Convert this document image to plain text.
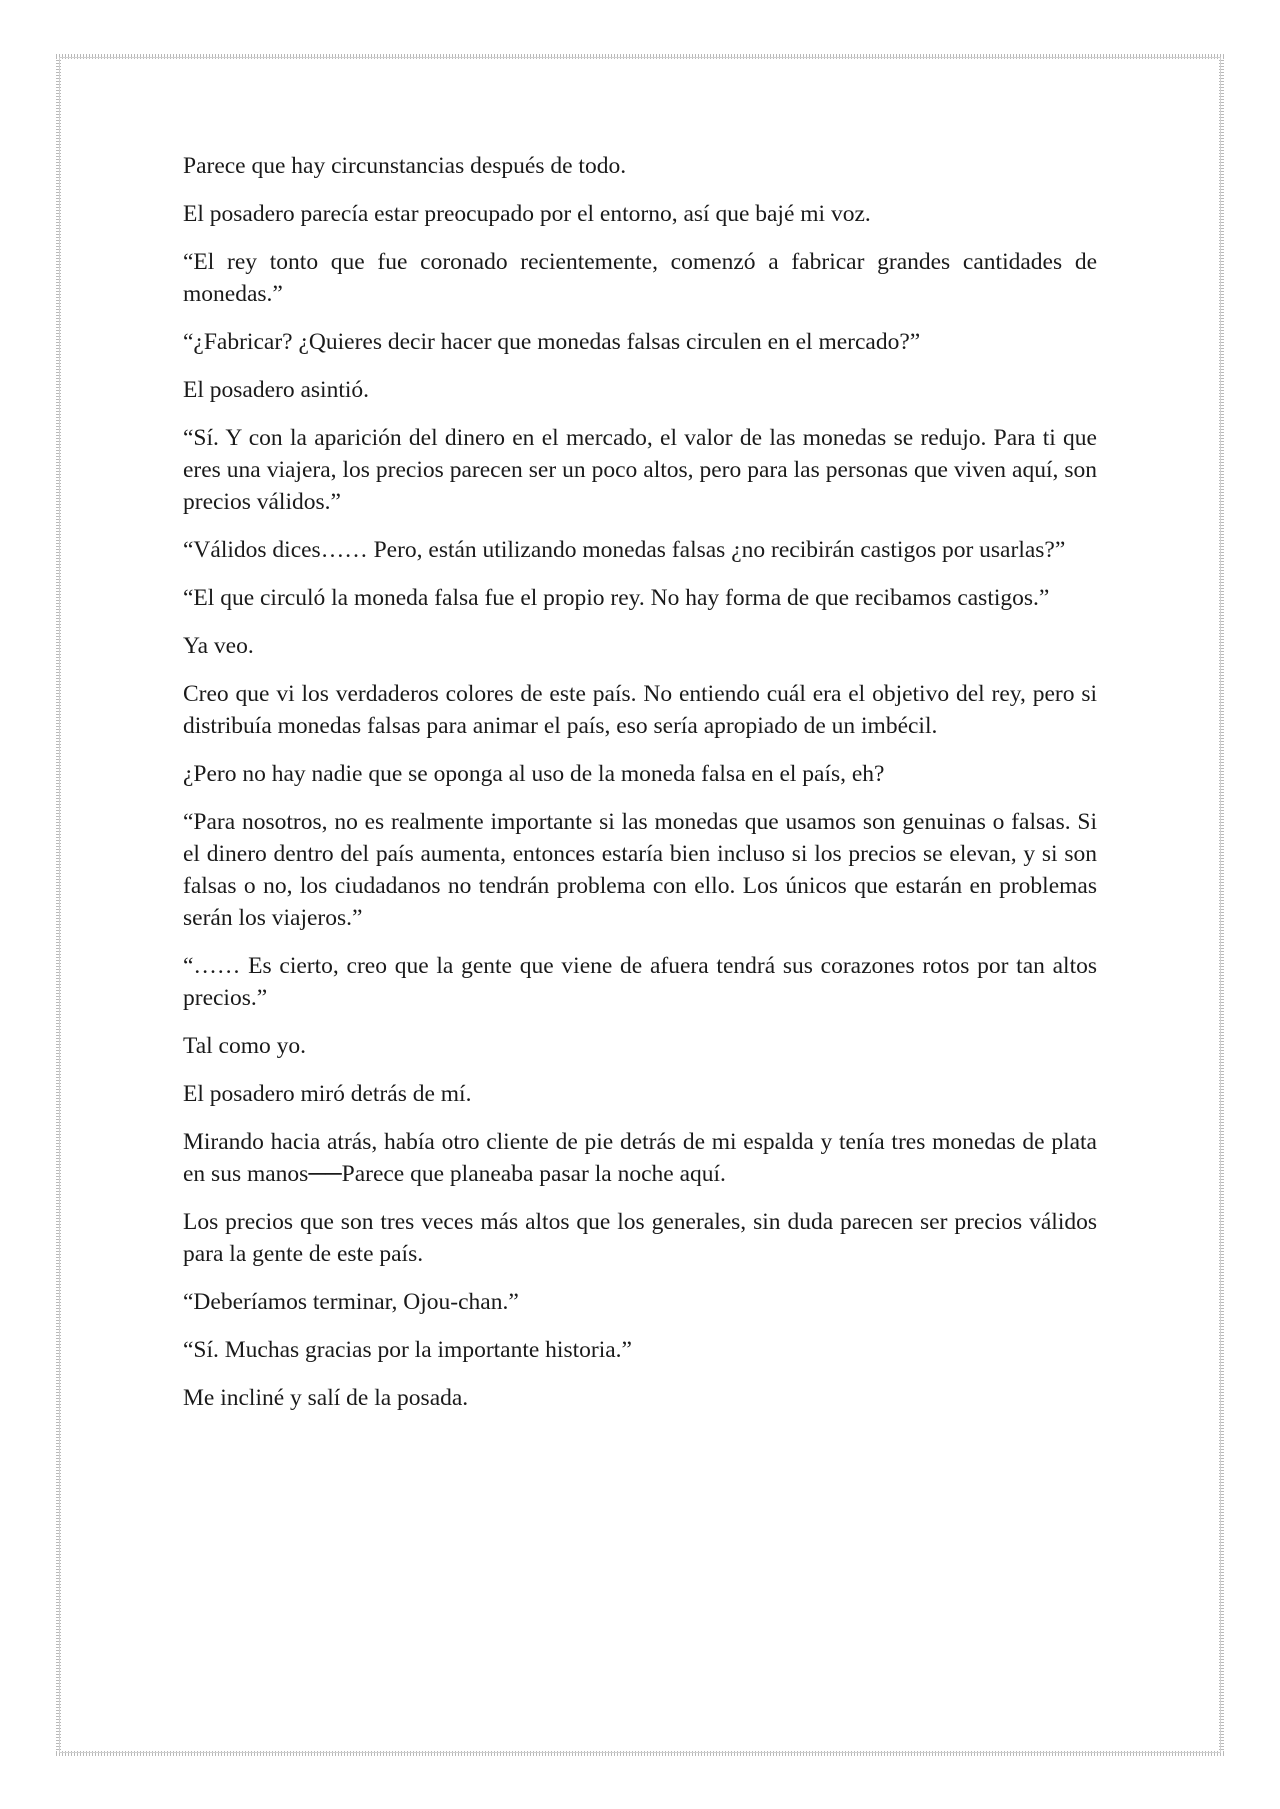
Parece que hay circunstancias después de todo.

El posadero parecía estar preocupado por el entorno, así que bajé mi voz.

“El rey tonto que fue coronado recientemente, comenzó a fabricar grandes cantidades de monedas.”

“¿Fabricar? ¿Quieres decir hacer que monedas falsas circulen en el mercado?”

El posadero asintió.

“Sí. Y con la aparición del dinero en el mercado, el valor de las monedas se redujo. Para ti que eres una viajera, los precios parecen ser un poco altos, pero para las personas que viven aquí, son precios válidos.”

“Válidos dices…… Pero, están utilizando monedas falsas ¿no recibirán castigos por usarlas?”

“El que circuló la moneda falsa fue el propio rey. No hay forma de que recibamos castigos.”

Ya veo.

Creo que vi los verdaderos colores de este país. No entiendo cuál era el objetivo del rey, pero si distribuía monedas falsas para animar el país, eso sería apropiado de un imbécil.

¿Pero no hay nadie que se oponga al uso de la moneda falsa en el país, eh?

“Para nosotros, no es realmente importante si las monedas que usamos son genuinas o falsas. Si el dinero dentro del país aumenta, entonces estaría bien incluso si los precios se elevan, y si son falsas o no, los ciudadanos no tendrán problema con ello. Los únicos que estarán en problemas serán los viajeros.”

“…… Es cierto, creo que la gente que viene de afuera tendrá sus corazones rotos por tan altos precios.”

Tal como yo.

El posadero miró detrás de mí.

Mirando hacia atrás, había otro cliente de pie detrás de mi espalda y tenía tres monedas de plata en sus manos──Parece que planeaba pasar la noche aquí.

Los precios que son tres veces más altos que los generales, sin duda parecen ser precios válidos para la gente de este país.

“Deberíamos terminar, Ojou-chan.”

“Sí. Muchas gracias por la importante historia.”

Me incliné y salí de la posada.
